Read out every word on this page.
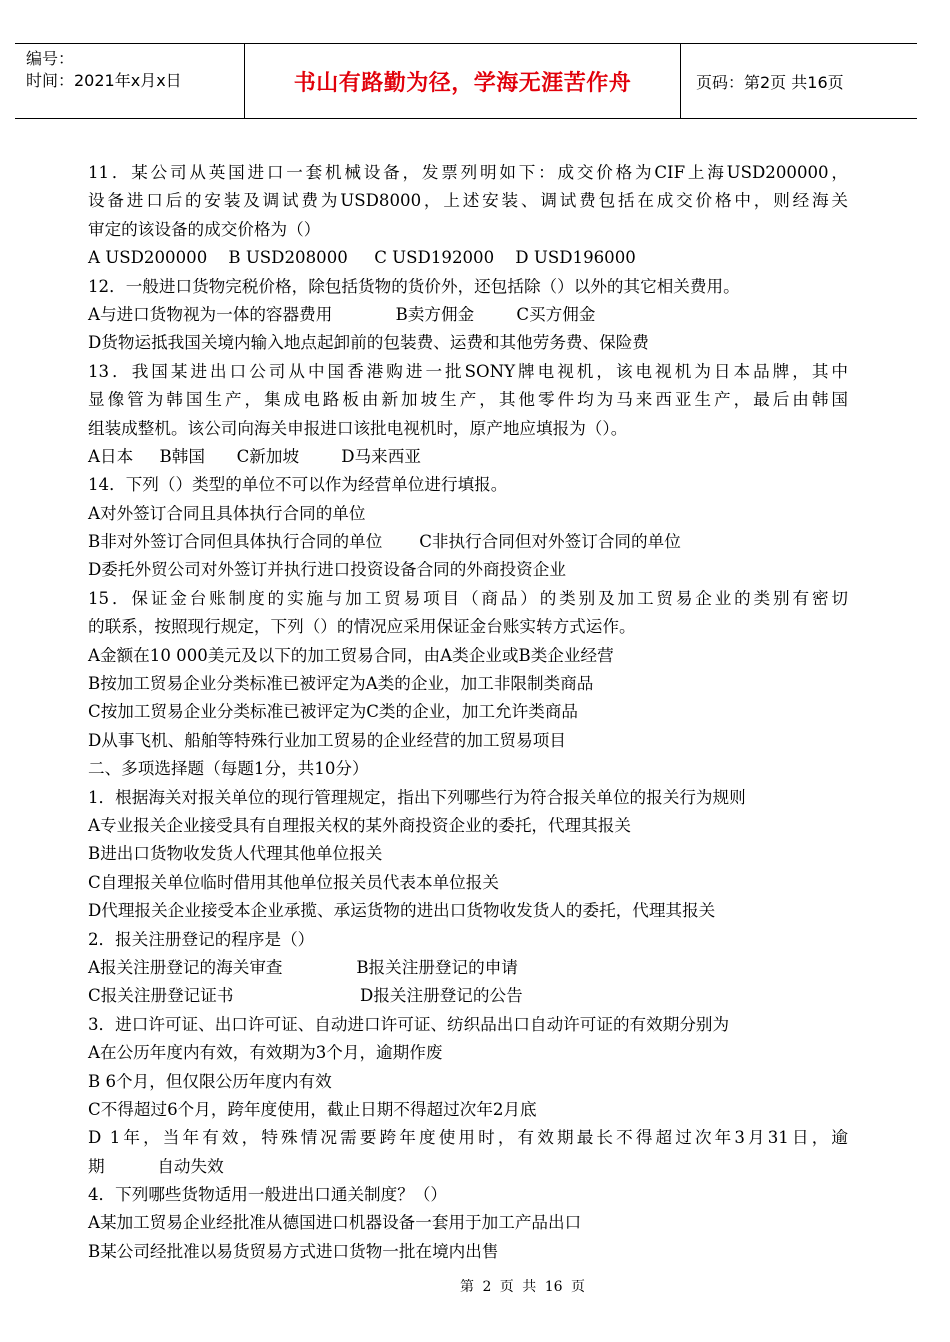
编号：
时间：2021年x月x日	书山有路勤为径，学海无涯苦作舟	页码：第2页 共16页
11．某公司从英国进口一套机械设备，发票列明如下：成交价格为CIF上海USD200000，
设备进口后的安装及调试费为USD8000，上述安装、调试费包括在成交价格中，则经海关
审定的该设备的成交价格为（）
A USD200000    B USD208000     C USD192000    D USD196000
12．一般进口货物完税价格，除包括货物的货价外，还包括除（）以外的其它相关费用。
A与进口货物视为一体的容器费用            B卖方佣金        C买方佣金
D货物运抵我国关境内输入地点起卸前的包装费、运费和其他劳务费、保险费
13．我国某进出口公司从中国香港购进一批SONY牌电视机，该电视机为日本品牌，其中
显像管为韩国生产，集成电路板由新加坡生产，其他零件均为马来西亚生产，最后由韩国
组装成整机。该公司向海关申报进口该批电视机时，原产地应填报为（）。
A日本     B韩国      C新加坡        D马来西亚
14．下列（）类型的单位不可以作为经营单位进行填报。
A对外签订合同且具体执行合同的单位
B非对外签订合同但具体执行合同的单位       C非执行合同但对外签订合同的单位
D委托外贸公司对外签订并执行进口投资设备合同的外商投资企业
15．保证金台账制度的实施与加工贸易项目（商品）的类别及加工贸易企业的类别有密切
的联系，按照现行规定，下列（）的情况应采用保证金台账实转方式运作。
A金额在10 000美元及以下的加工贸易合同，由A类企业或B类企业经营
B按加工贸易企业分类标准已被评定为A类的企业，加工非限制类商品
C按加工贸易企业分类标准已被评定为C类的企业，加工允许类商品
D从事飞机、船舶等特殊行业加工贸易的企业经营的加工贸易项目
二、多项选择题（每题1分，共10分）
1．根据海关对报关单位的现行管理规定，指出下列哪些行为符合报关单位的报关行为规则
A专业报关企业接受具有自理报关权的某外商投资企业的委托，代理其报关
B进出口货物收发货人代理其他单位报关
C自理报关单位临时借用其他单位报关员代表本单位报关
D代理报关企业接受本企业承揽、承运货物的进出口货物收发货人的委托，代理其报关
2．报关注册登记的程序是（）
A报关注册登记的海关审查              B报关注册登记的申请
C报关注册登记证书                        D报关注册登记的公告
3．进口许可证、出口许可证、自动进口许可证、纺织品出口自动许可证的有效期分别为
A在公历年度内有效，有效期为3个月，逾期作废
B 6个月，但仅限公历年度内有效
C不得超过6个月，跨年度使用，截止日期不得超过次年2月底
D 1年，当年有效，特殊情况需要跨年度使用时，有效期最长不得超过次年3月31日，逾
期          自动失效
4．下列哪些货物适用一般进出口通关制度？（）
A某加工贸易企业经批准从德国进口机器设备一套用于加工产品出口
B某公司经批准以易货贸易方式进口货物一批在境内出售
第 2 页 共 16 页
